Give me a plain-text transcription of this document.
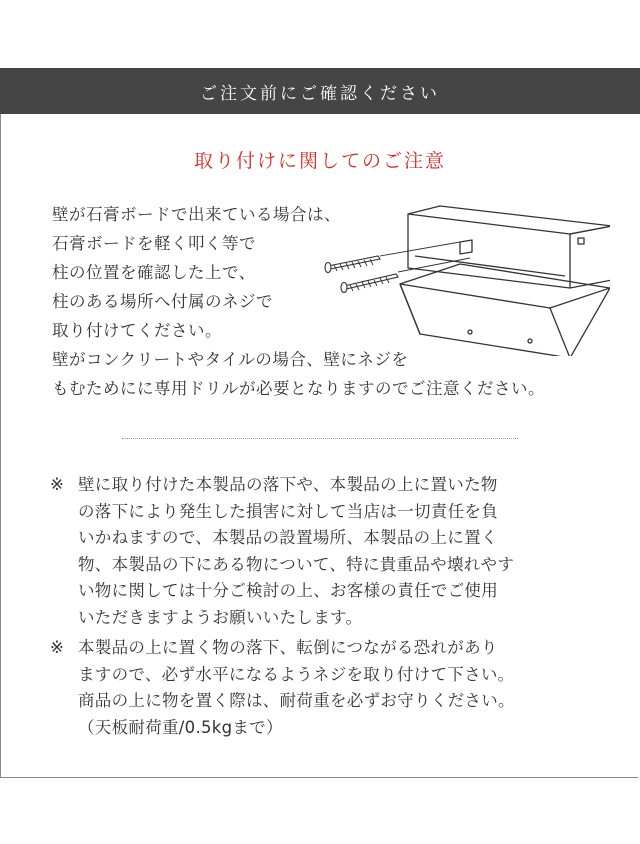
ご注文前にご確認ください
取り付けに関してのご注意
壁が石膏ボードで出来ている場合は、
石膏ボードを軽く叩く等で
柱の位置を確認した上で、
柱のある場所へ付属のネジで
取り付けてください。
壁がコンクリートやタイルの場合、壁にネジを
もむためにに専用ドリルが必要となりますのでご注意ください。
※ 壁に取り付けた本製品の落下や、本製品の上に置いた物
の落下により発生した損害に対して当店は一切責任を負
いかねますので、本製品の設置場所、本製品の上に置く
物、本製品の下にある物について、特に貴重品や壊れやす
い物に関しては十分ご検討の上、お客様の責任でご使用
いただきますようお願いいたします。
※ 本製品の上に置く物の落下、転倒につながる恐れがあり
ますので、必ず水平になるようネジを取り付けて下さい。
商品の上に物を置く際は、耐荷重を必ずお守りください。
（天板耐荷重/0.5kgまで）
